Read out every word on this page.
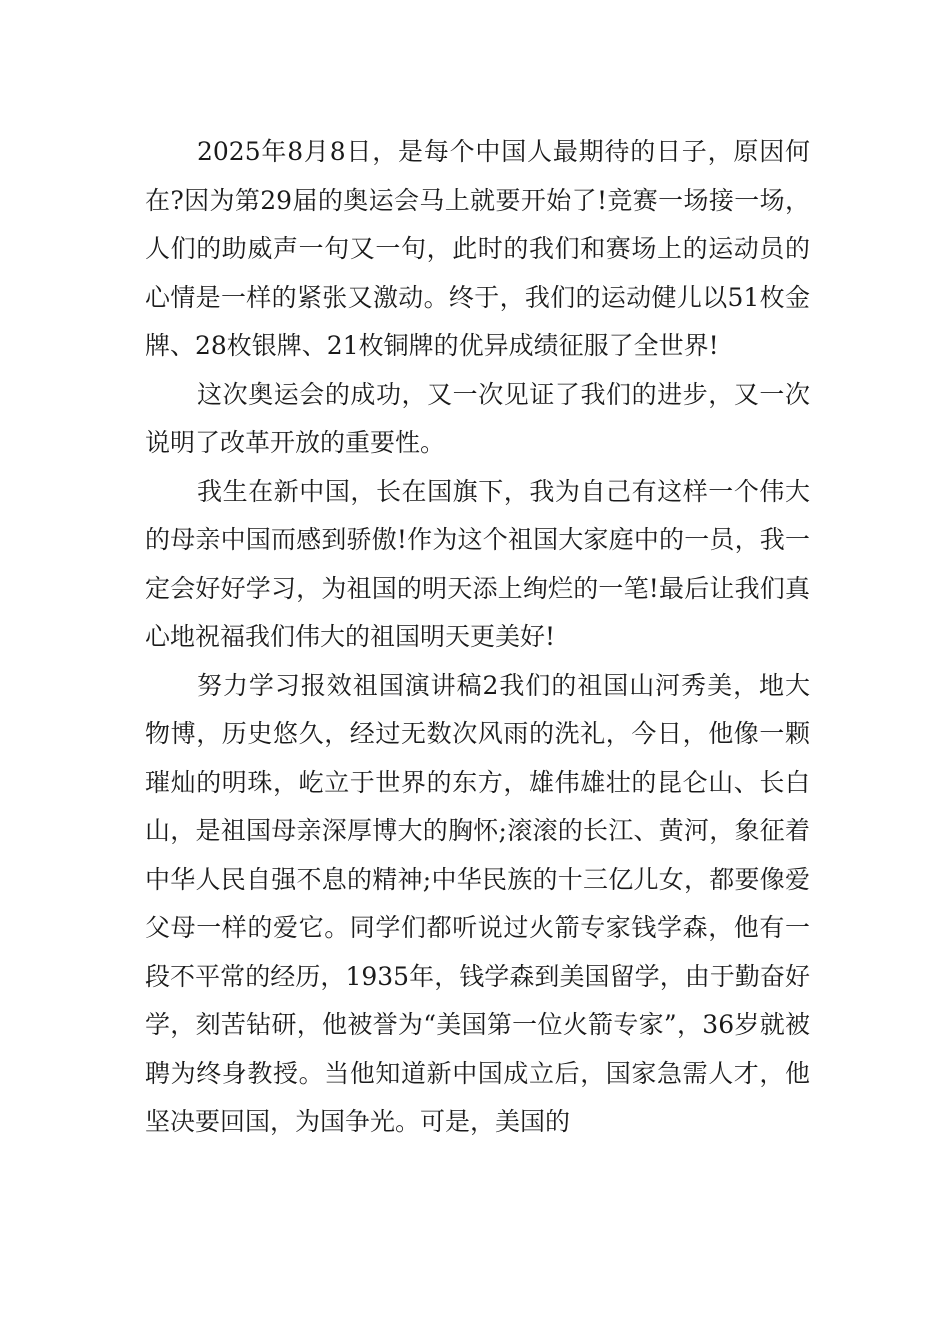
2025年8月8日，是每个中国人最期待的日子，原因何在?因为第29届的奥运会马上就要开始了!竞赛一场接一场，人们的助威声一句又一句，此时的我们和赛场上的运动员的心情是一样的紧张又激动。终于，我们的运动健儿以51枚金牌、28枚银牌、21枚铜牌的优异成绩征服了全世界!

这次奥运会的成功，又一次见证了我们的进步，又一次说明了改革开放的重要性。

我生在新中国，长在国旗下，我为自己有这样一个伟大的母亲中国而感到骄傲!作为这个祖国大家庭中的一员，我一定会好好学习，为祖国的明天添上绚烂的一笔!最后让我们真心地祝福我们伟大的祖国明天更美好!

努力学习报效祖国演讲稿2我们的祖国山河秀美，地大物博，历史悠久，经过无数次风雨的洗礼，今日，他像一颗璀灿的明珠，屹立于世界的东方，雄伟雄壮的昆仑山、长白山，是祖国母亲深厚博大的胸怀;滚滚的长江、黄河，象征着中华人民自强不息的精神;中华民族的十三亿儿女，都要像爱父母一样的爱它。同学们都听说过火箭专家钱学森，他有一段不平常的经历，1935年，钱学森到美国留学，由于勤奋好学，刻苦钻研，他被誉为“美国第一位火箭专家”，36岁就被聘为终身教授。当他知道新中国成立后，国家急需人才，他坚决要回国，为国争光。可是，美国的
